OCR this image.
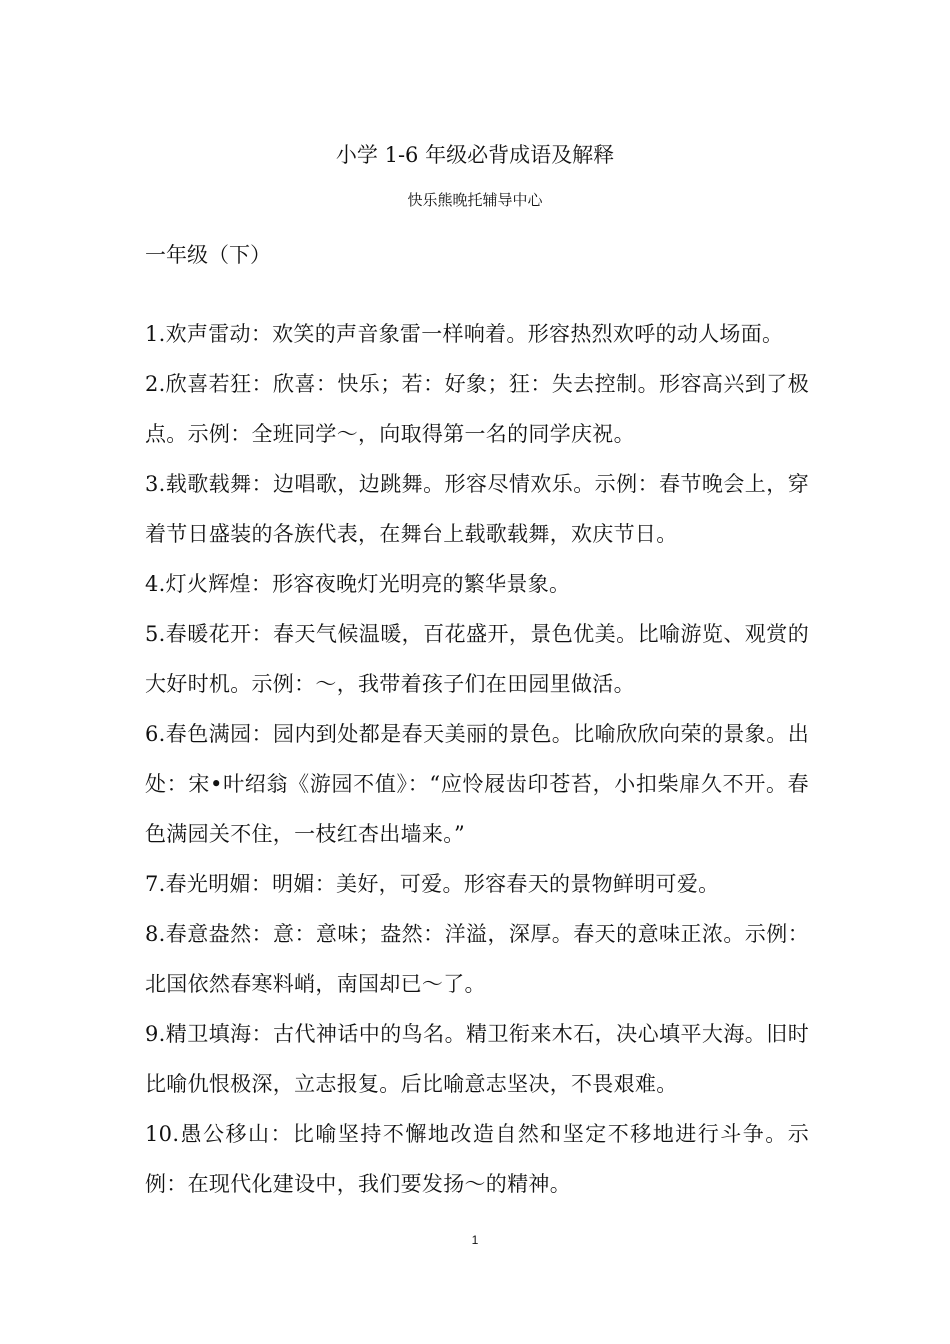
小学 1-6 年级必背成语及解释
快乐熊晚托辅导中心
一年级（下）

1.欢声雷动：欢笑的声音象雷一样响着。形容热烈欢呼的动人场面。

2.欣喜若狂：欣喜：快乐；若：好象；狂：失去控制。形容高兴到了极点。示例：全班同学～，向取得第一名的同学庆祝。

3.载歌载舞：边唱歌，边跳舞。形容尽情欢乐。示例：春节晚会上，穿着节日盛装的各族代表，在舞台上载歌载舞，欢庆节日。

4.灯火辉煌：形容夜晚灯光明亮的繁华景象。

5.春暖花开：春天气候温暖，百花盛开，景色优美。比喻游览、观赏的大好时机。示例：～，我带着孩子们在田园里做活。

6.春色满园：园内到处都是春天美丽的景色。比喻欣欣向荣的景象。出处：宋•叶绍翁《游园不值》：“应怜屐齿印苍苔，小扣柴扉久不开。春色满园关不住，一枝红杏出墙来。”

7.春光明媚：明媚：美好，可爱。形容春天的景物鲜明可爱。

8.春意盎然：意：意味；盎然：洋溢，深厚。春天的意味正浓。示例：北国依然春寒料峭，南国却已～了。

9.精卫填海：古代神话中的鸟名。精卫衔来木石，决心填平大海。旧时比喻仇恨极深，立志报复。后比喻意志坚决，不畏艰难。

10.愚公移山：比喻坚持不懈地改造自然和坚定不移地进行斗争。示例：在现代化建设中，我们要发扬～的精神。

1
